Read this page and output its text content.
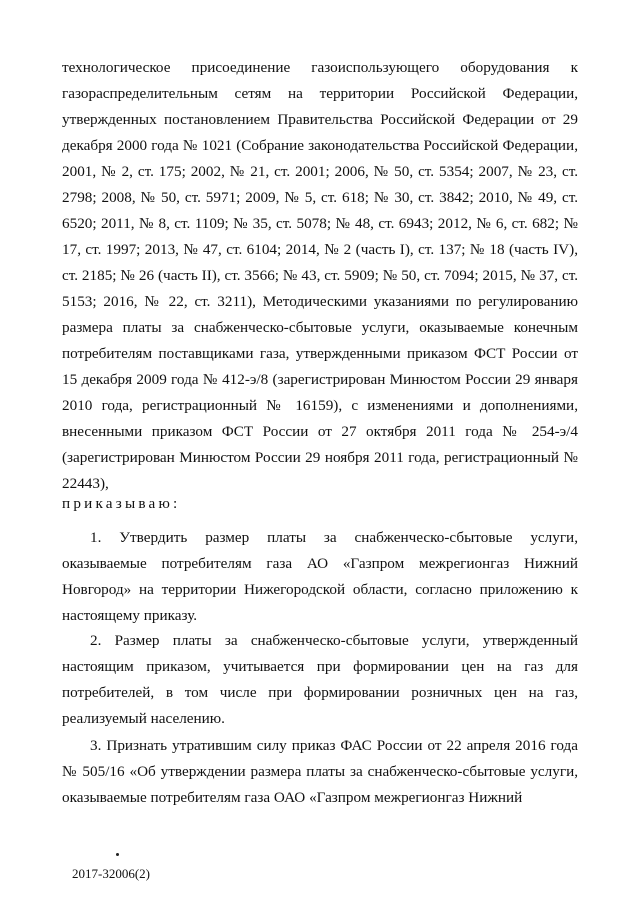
технологическое присоединение газоиспользующего оборудования к газораспределительным сетям на территории Российской Федерации, утвержденных постановлением Правительства Российской Федерации от 29 декабря 2000 года № 1021 (Собрание законодательства Российской Федерации, 2001, № 2, ст. 175; 2002, № 21, ст. 2001; 2006, № 50, ст. 5354; 2007, № 23, ст. 2798; 2008, № 50, ст. 5971; 2009, № 5, ст. 618; № 30, ст. 3842; 2010, № 49, ст. 6520; 2011, № 8, ст. 1109; № 35, ст. 5078; № 48, ст. 6943; 2012, № 6, ст. 682; № 17, ст. 1997; 2013, № 47, ст. 6104; 2014, № 2 (часть I), ст. 137; № 18 (часть IV), ст. 2185; № 26 (часть II), ст. 3566; № 43, ст. 5909; № 50, ст. 7094; 2015, № 37, ст. 5153; 2016, № 22, ст. 3211), Методическими указаниями по регулированию размера платы за снабженческо-сбытовые услуги, оказываемые конечным потребителям поставщиками газа, утвержденными приказом ФСТ России от 15 декабря 2009 года № 412-э/8 (зарегистрирован Минюстом России 29 января 2010 года, регистрационный № 16159), с изменениями и дополнениями, внесенными приказом ФСТ России от 27 октября 2011 года № 254-э/4 (зарегистрирован Минюстом России 29 ноября 2011 года, регистрационный № 22443),
приказываю:
1. Утвердить размер платы за снабженческо-сбытовые услуги, оказываемые потребителям газа АО «Газпром межрегионгаз Нижний Новгород» на территории Нижегородской области, согласно приложению к настоящему приказу.
2. Размер платы за снабженческо-сбытовые услуги, утвержденный настоящим приказом, учитывается при формировании цен на газ для потребителей, в том числе при формировании розничных цен на газ, реализуемый населению.
3. Признать утратившим силу приказ ФАС России от 22 апреля 2016 года № 505/16 «Об утверждении размера платы за снабженческо-сбытовые услуги, оказываемые потребителям газа ОАО «Газпром межрегионгаз Нижний
2017-32006(2)
